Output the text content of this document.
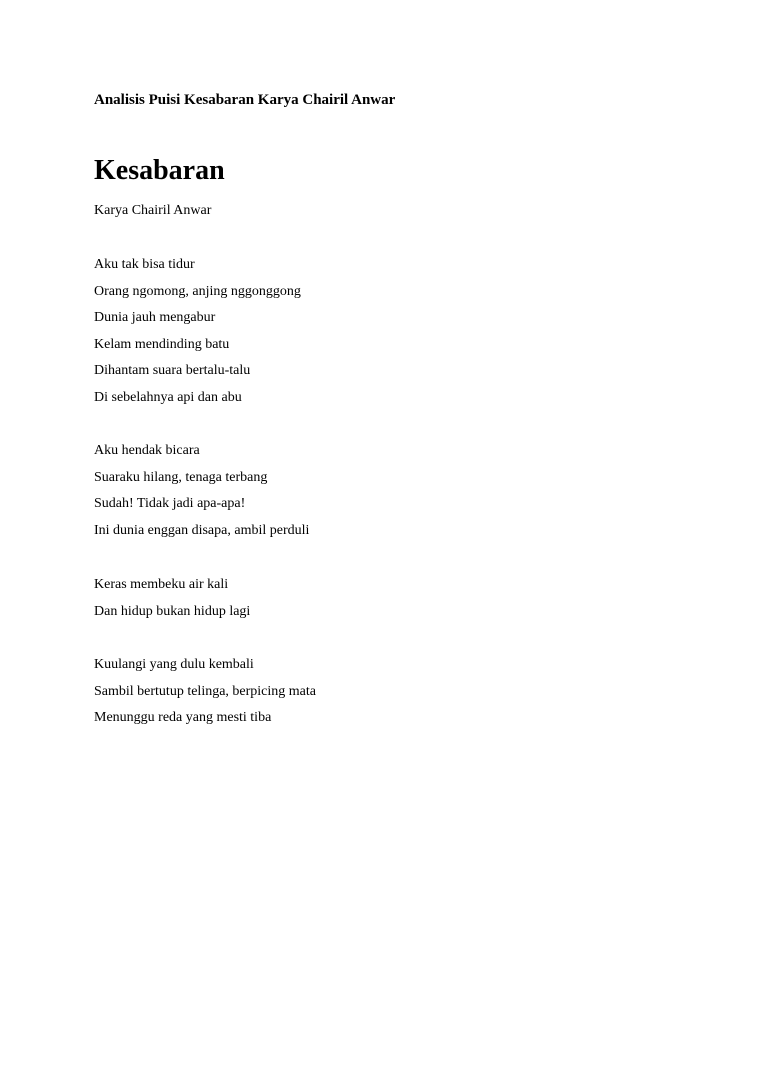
Analisis Puisi Kesabaran Karya Chairil Anwar
Kesabaran

Karya Chairil Anwar

Aku tak bisa tidur
Orang ngomong, anjing nggonggong
Dunia jauh mengabur
Kelam mendinding batu
Dihantam suara bertalu-talu
Di sebelahnya api dan abu
Aku hendak bicara
Suaraku hilang, tenaga terbang
Sudah! Tidak jadi apa-apa!
Ini dunia enggan disapa, ambil perduli
Keras membeku air kali
Dan hidup bukan hidup lagi
Kuulangi yang dulu kembali
Sambil bertutup telinga, berpicing mata
Menunggu reda yang mesti tiba
